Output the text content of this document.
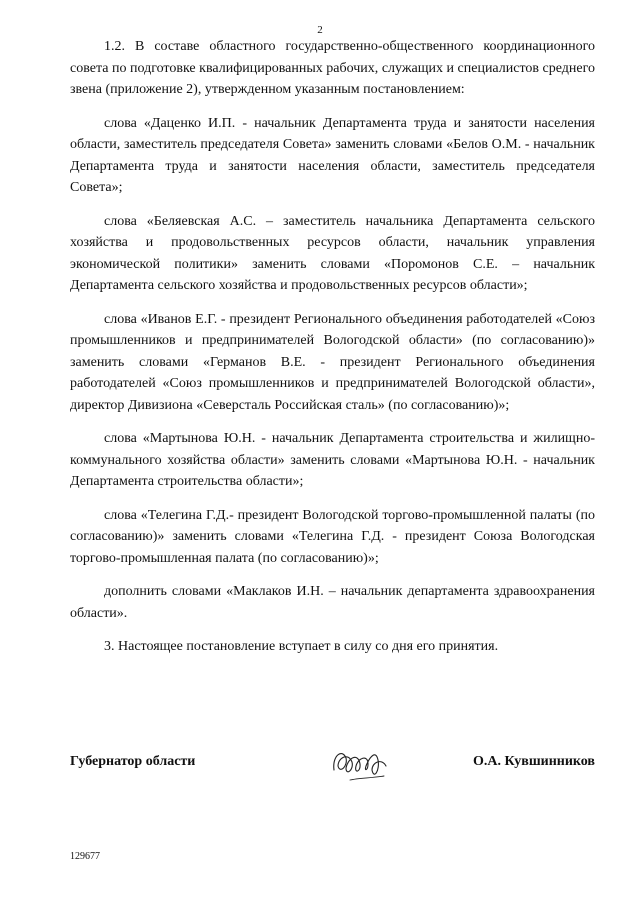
2

1.2. В составе областного государственно-общественного координационного совета по подготовке квалифицированных рабочих, служащих и специалистов среднего звена (приложение 2), утвержденном указанным постановлением:

слова «Даценко И.П. - начальник Департамента труда и занятости населения области, заместитель председателя Совета» заменить словами «Белов О.М. - начальник Департамента труда и занятости населения области, заместитель председателя Совета»;

слова «Беляевская А.С. – заместитель начальника Департамента сельского хозяйства и продовольственных ресурсов области, начальник управления экономической политики» заменить словами «Поромонов С.Е. – начальник Департамента сельского хозяйства и продовольственных ресурсов области»;

слова «Иванов Е.Г. - президент Регионального объединения работодателей «Союз промышленников и предпринимателей Вологодской области» (по согласованию)» заменить словами «Германов В.Е. - президент Регионального объединения работодателей «Союз промышленников и предпринимателей Вологодской области», директор Дивизиона «Северсталь Российская сталь» (по согласованию)»;

слова «Мартынова Ю.Н. - начальник Департамента строительства и жилищно-коммунального хозяйства области» заменить словами «Мартынова Ю.Н. - начальник Департамента строительства области»;

слова «Телегина Г.Д.- президент Вологодской торгово-промышленной палаты (по согласованию)» заменить словами «Телегина Г.Д. - президент Союза Вологодская торгово-промышленная палата (по согласованию)»;

дополнить словами «Маклаков И.Н. – начальник департамента здравоохранения области».

3. Настоящее постановление вступает в силу со дня его принятия.

Губернатор области	О.А. Кувшинников
129677
